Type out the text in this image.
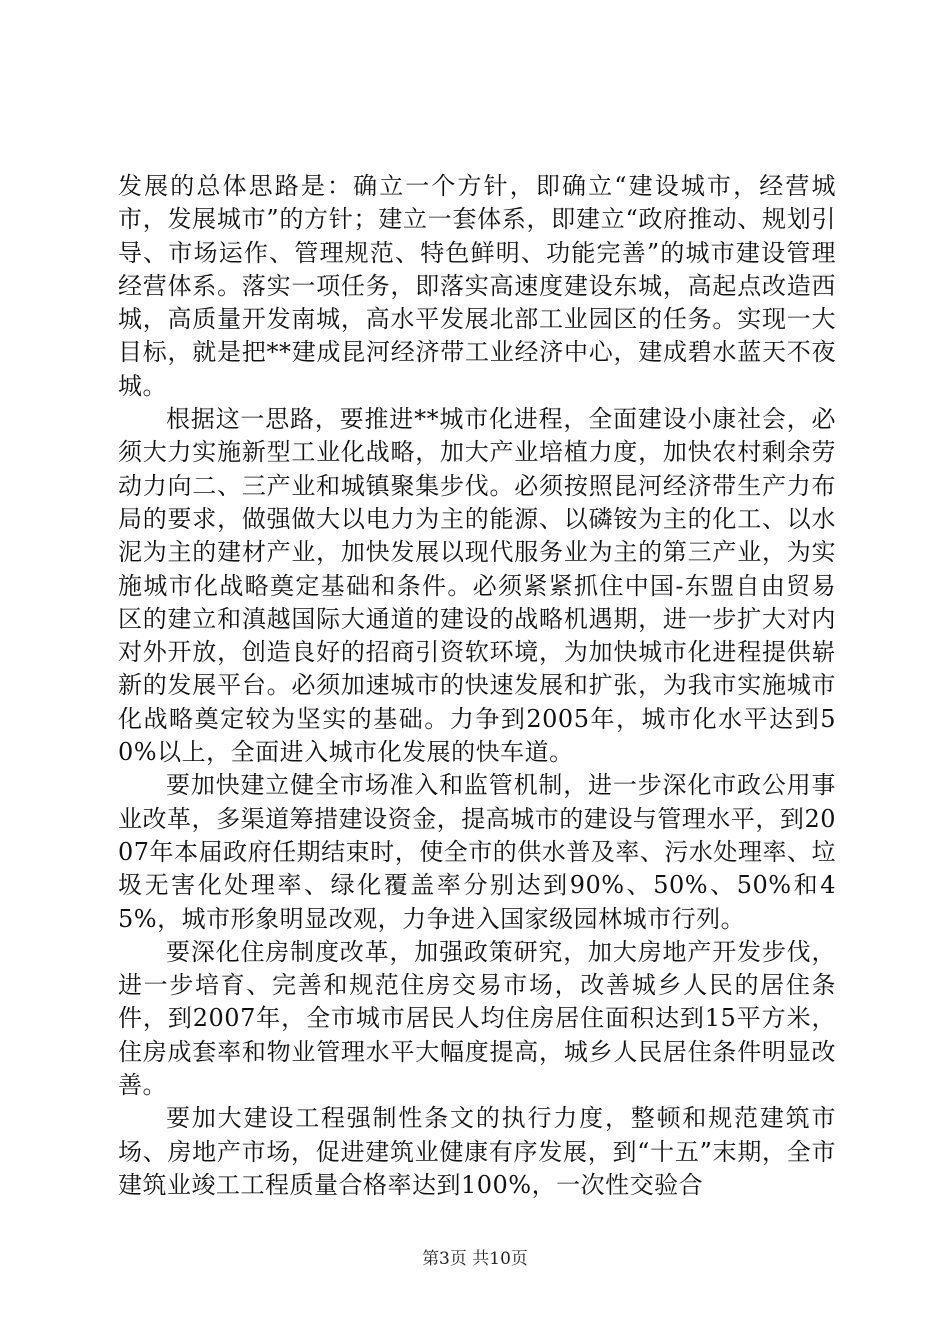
发展的总体思路是：确立一个方针，即确立“建设城市，经营城市，发展城市”的方针；建立一套体系，即建立“政府推动、规划引导、市场运作、管理规范、特色鲜明、功能完善”的城市建设管理经营体系。落实一项任务，即落实高速度建设东城，高起点改造西城，高质量开发南城，高水平发展北部工业园区的任务。实现一大目标，就是把**建成昆河经济带工业经济中心，建成碧水蓝天不夜城。

根据这一思路，要推进**城市化进程，全面建设小康社会，必须大力实施新型工业化战略，加大产业培植力度，加快农村剩余劳动力向二、三产业和城镇聚集步伐。必须按照昆河经济带生产力布局的要求，做强做大以电力为主的能源、以磷铵为主的化工、以水泥为主的建材产业，加快发展以现代服务业为主的第三产业，为实施城市化战略奠定基础和条件。必须紧紧抓住中国-东盟自由贸易区的建立和滇越国际大通道的建设的战略机遇期，进一步扩大对内对外开放，创造良好的招商引资软环境，为加快城市化进程提供崭新的发展平台。必须加速城市的快速发展和扩张，为我市实施城市化战略奠定较为坚实的基础。力争到2005年，城市化水平达到50%以上，全面进入城市化发展的快车道。

要加快建立健全市场准入和监管机制，进一步深化市政公用事业改革，多渠道筹措建设资金，提高城市的建设与管理水平，到2007年本届政府任期结束时，使全市的供水普及率、污水处理率、垃圾无害化处理率、绿化覆盖率分别达到90%、50%、50%和45%，城市形象明显改观，力争进入国家级园林城市行列。

要深化住房制度改革，加强政策研究，加大房地产开发步伐，进一步培育、完善和规范住房交易市场，改善城乡人民的居住条件，到2007年，全市城市居民人均住房居住面积达到15平方米，住房成套率和物业管理水平大幅度提高，城乡人民居住条件明显改善。

要加大建设工程强制性条文的执行力度，整顿和规范建筑市场、房地产市场，促进建筑业健康有序发展，到“十五”末期，全市建筑业竣工工程质量合格率达到100%，一次性交验合

第3页 共10页
